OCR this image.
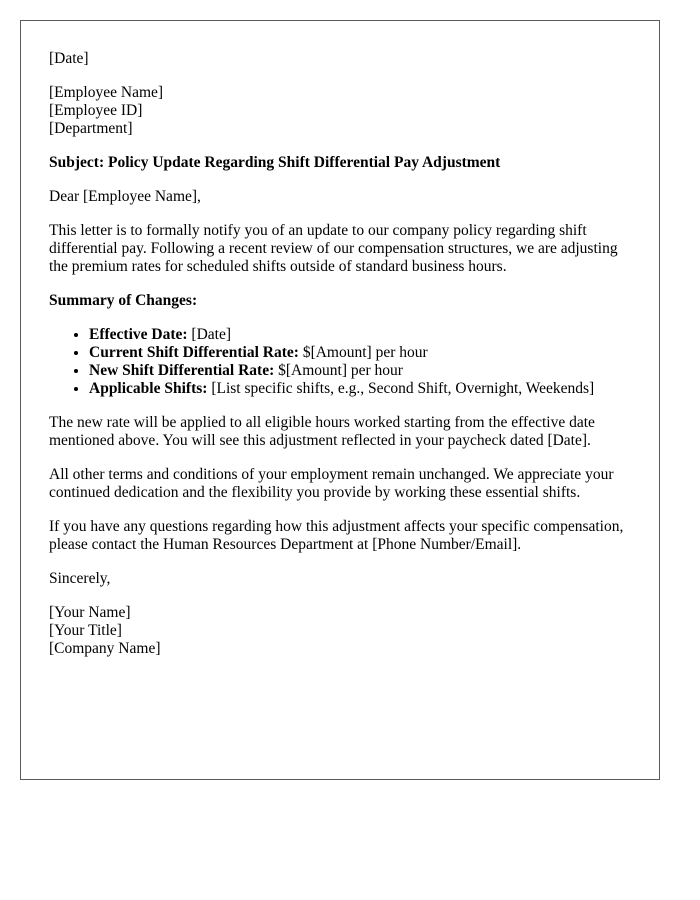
[Date]

[Employee Name]
[Employee ID]
[Department]

Subject: Policy Update Regarding Shift Differential Pay Adjustment

Dear [Employee Name],

This letter is to formally notify you of an update to our company policy regarding shift differential pay. Following a recent review of our compensation structures, we are adjusting the premium rates for scheduled shifts outside of standard business hours.

Summary of Changes:

• Effective Date: [Date]
• Current Shift Differential Rate: $[Amount] per hour
• New Shift Differential Rate: $[Amount] per hour
• Applicable Shifts: [List specific shifts, e.g., Second Shift, Overnight, Weekends]

The new rate will be applied to all eligible hours worked starting from the effective date mentioned above. You will see this adjustment reflected in your paycheck dated [Date].

All other terms and conditions of your employment remain unchanged. We appreciate your continued dedication and the flexibility you provide by working these essential shifts.

If you have any questions regarding how this adjustment affects your specific compensation, please contact the Human Resources Department at [Phone Number/Email].

Sincerely,

[Your Name]
[Your Title]
[Company Name]
